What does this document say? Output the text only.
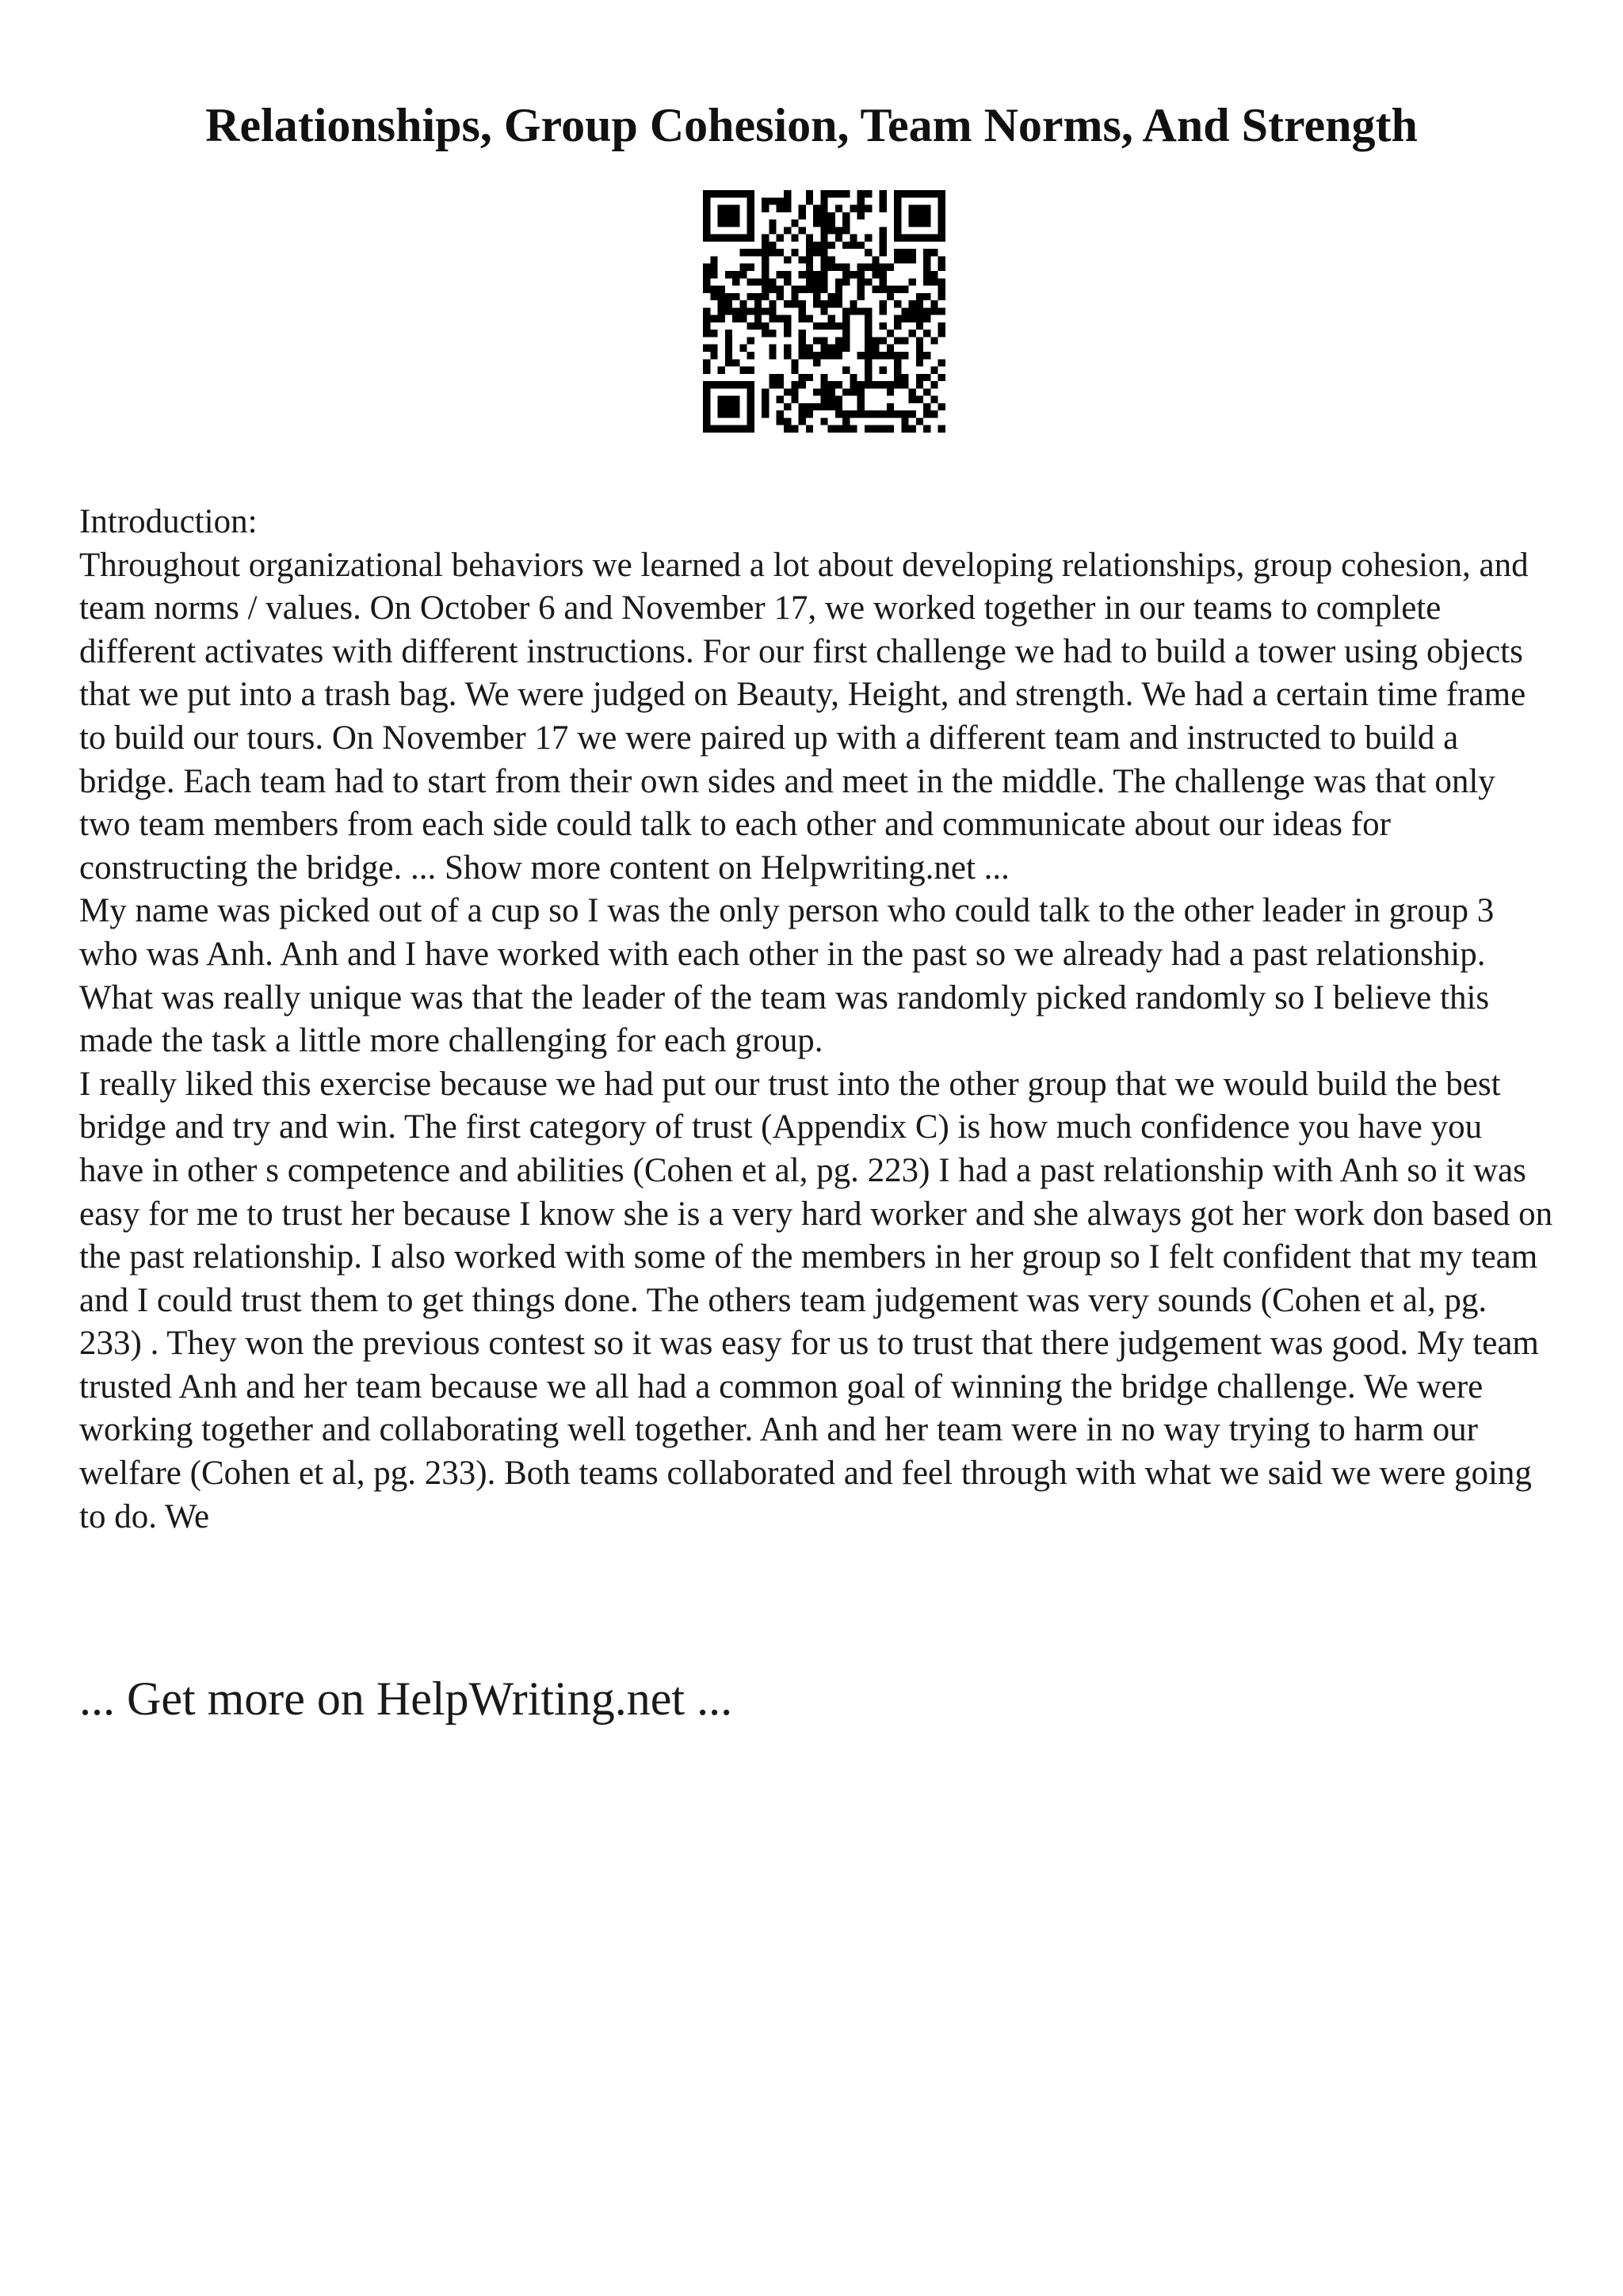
Relationships, Group Cohesion, Team Norms, And Strength

Introduction:

Throughout organizational behaviors we learned a lot about developing relationships, group cohesion, and team norms / values. On October 6 and November 17, we worked together in our teams to complete different activates with different instructions. For our first challenge we had to build a tower using objects that we put into a trash bag. We were judged on Beauty, Height, and strength. We had a certain time frame to build our tours. On November 17 we were paired up with a different team and instructed to build a bridge. Each team had to start from their own sides and meet in the middle. The challenge was that only two team members from each side could talk to each other and communicate about our ideas for constructing the bridge. ... Show more content on Helpwriting.net ...

My name was picked out of a cup so I was the only person who could talk to the other leader in group 3 who was Anh. Anh and I have worked with each other in the past so we already had a past relationship. What was really unique was that the leader of the team was randomly picked randomly so I believe this made the task a little more challenging for each group.

I really liked this exercise because we had put our trust into the other group that we would build the best bridge and try and win. The first category of trust (Appendix C) is how much confidence you have you have in other s competence and abilities (Cohen et al, pg. 223) I had a past relationship with Anh so it was easy for me to trust her because I know she is a very hard worker and she always got her work don based on the past relationship. I also worked with some of the members in her group so I felt confident that my team and I could trust them to get things done. The others team judgement was very sounds (Cohen et al, pg. 233) . They won the previous contest so it was easy for us to trust that there judgement was good. My team trusted Anh and her team because we all had a common goal of winning the bridge challenge. We were working together and collaborating well together. Anh and her team were in no way trying to harm our welfare (Cohen et al, pg. 233). Both teams collaborated and feel through with what we said we were going to do. We

... Get more on HelpWriting.net ...
